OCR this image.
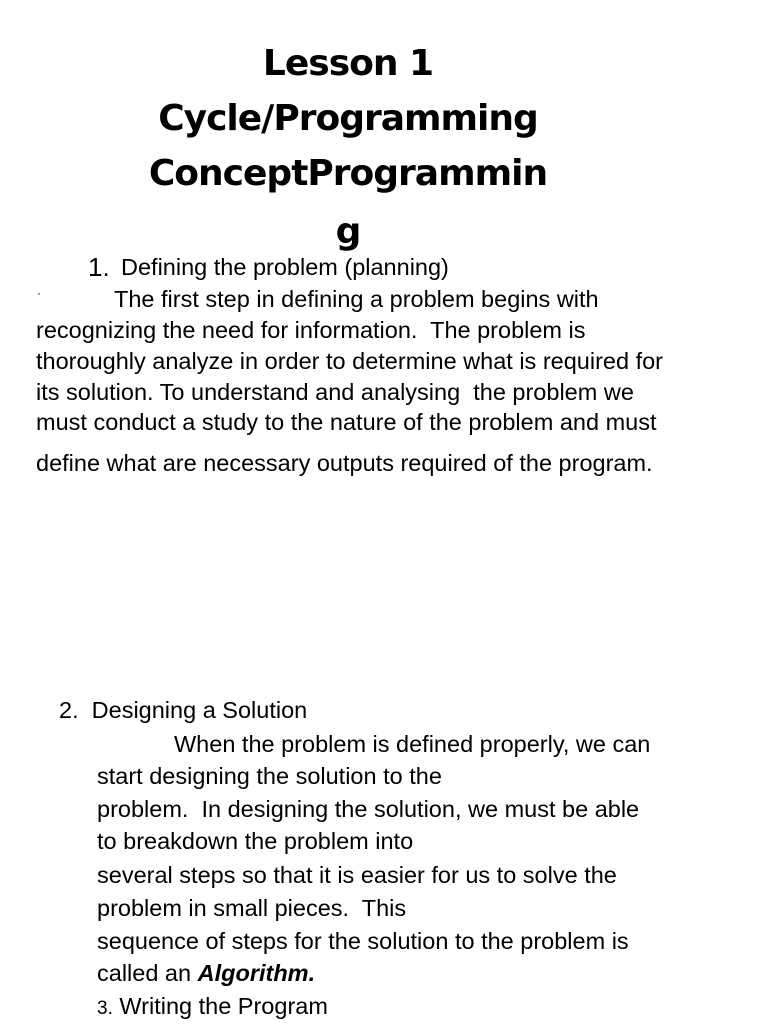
Lesson 1
Cycle/Programming
ConceptProgrammin
g
1. Defining the problem (planning)
·	The first step in defining a problem begins with
recognizing the need for information.  The problem is
thoroughly analyze in order to determine what is required for
its solution. To understand and analysing  the problem we
must conduct a study to the nature of the problem and must
define what are necessary outputs required of the program.
2.  Designing a Solution
When the problem is defined properly, we can
start designing the solution to the
problem.  In designing the solution, we must be able
to breakdown the problem into
several steps so that it is easier for us to solve the
problem in small pieces.  This
sequence of steps for the solution to the problem is
called an Algorithm.
3. Writing the Program
